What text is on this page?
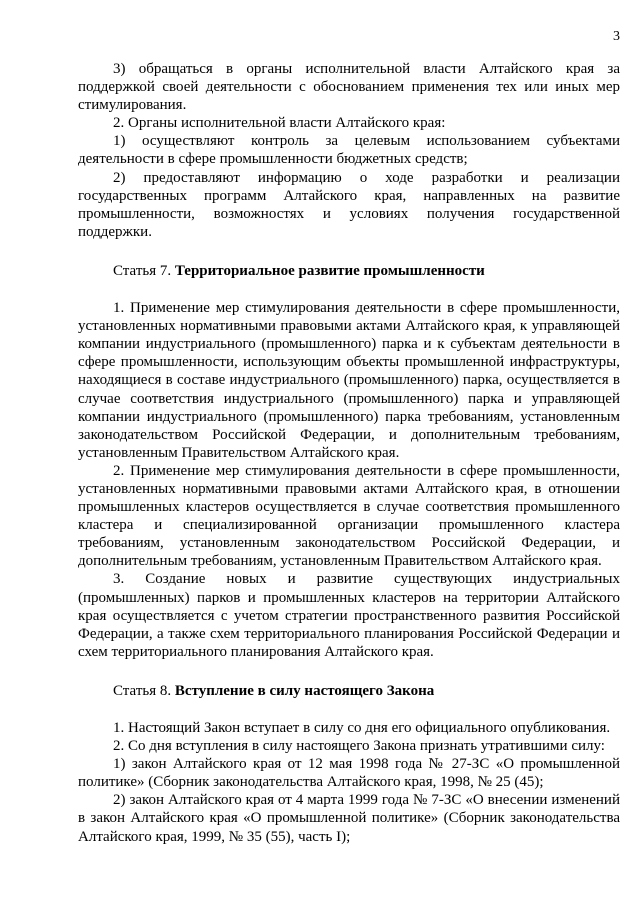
3

3) обращаться в органы исполнительной власти Алтайского края за поддержкой своей деятельности с обоснованием применения тех или иных мер стимулирования.

2. Органы исполнительной власти Алтайского края:

1) осуществляют контроль за целевым использованием субъектами деятельности в сфере промышленности бюджетных средств;

2) предоставляют информацию о ходе разработки и реализации государственных программ Алтайского края, направленных на развитие промышленности, возможностях и условиях получения государственной поддержки.

Статья 7. Территориальное развитие промышленности

1. Применение мер стимулирования деятельности в сфере промышленности, установленных нормативными правовыми актами Алтайского края, к управляющей компании индустриального (промышленного) парка и к субъектам деятельности в сфере промышленности, использующим объекты промышленной инфраструктуры, находящиеся в составе индустриального (промышленного) парка, осуществляется в случае соответствия индустриального (промышленного) парка и управляющей компании индустриального (промышленного) парка требованиям, установленным законодательством Российской Федерации, и дополнительным требованиям, установленным Правительством Алтайского края.

2. Применение мер стимулирования деятельности в сфере промышленности, установленных нормативными правовыми актами Алтайского края, в отношении промышленных кластеров осуществляется в случае соответствия промышленного кластера и специализированной организации промышленного кластера требованиям, установленным законодательством Российской Федерации, и дополнительным требованиям, установленным Правительством Алтайского края.

3. Создание новых и развитие существующих индустриальных (промышленных) парков и промышленных кластеров на территории Алтайского края осуществляется с учетом стратегии пространственного развития Российской Федерации, а также схем территориального планирования Российской Федерации и схем территориального планирования Алтайского края.

Статья 8. Вступление в силу настоящего Закона

1. Настоящий Закон вступает в силу со дня его официального опубликования.

2. Со дня вступления в силу настоящего Закона признать утратившими силу:

1) закон Алтайского края от 12 мая 1998 года № 27-ЗС «О промышленной политике» (Сборник законодательства Алтайского края, 1998, № 25 (45);

2) закон Алтайского края от 4 марта 1999 года № 7-ЗС «О внесении изменений в закон Алтайского края «О промышленной политике» (Сборник законодательства Алтайского края, 1999, № 35 (55), часть I);
